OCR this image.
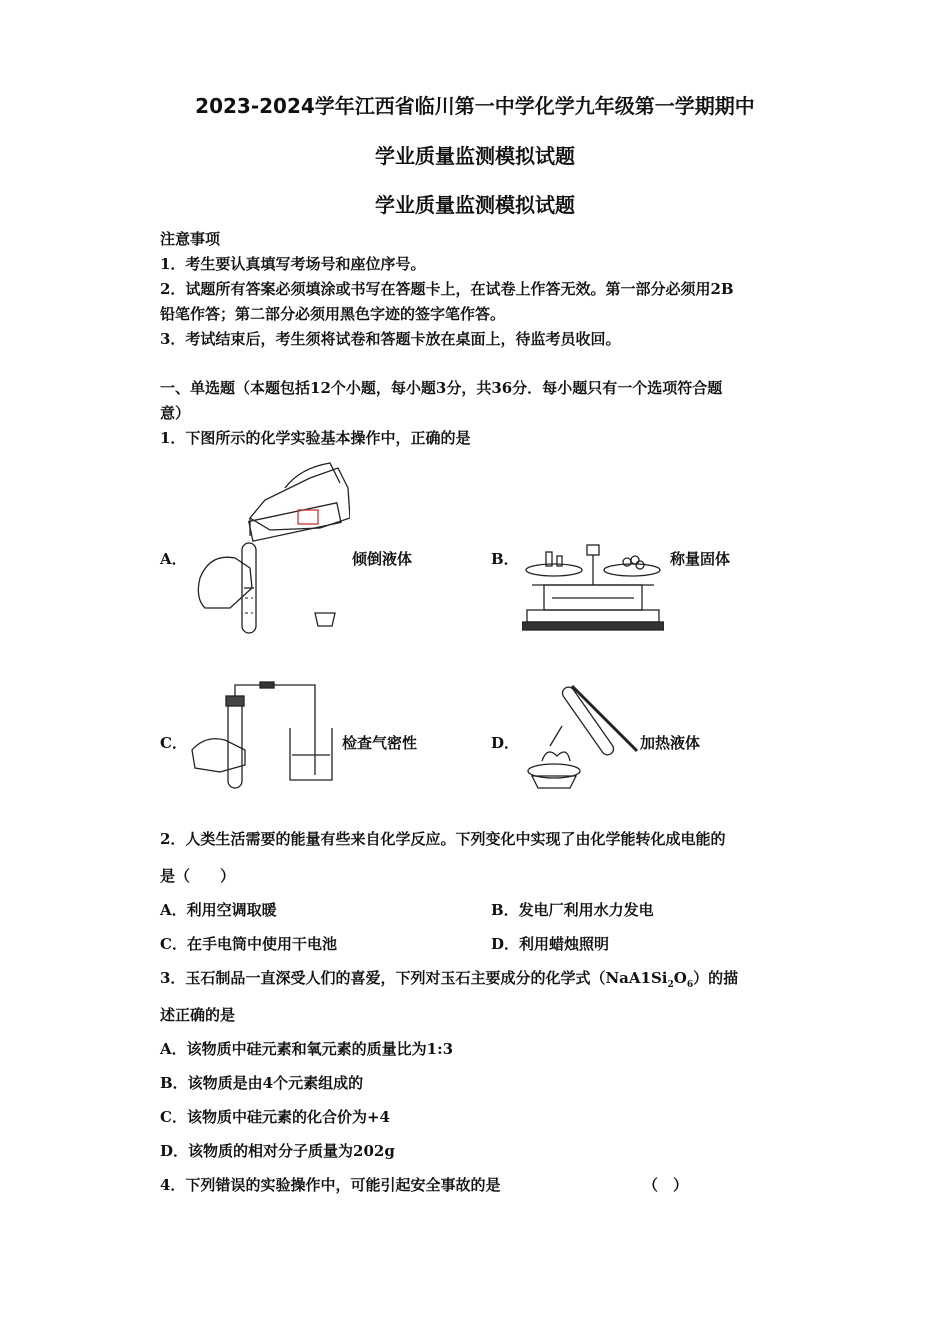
2023-2024学年江西省临川第一中学化学九年级第一学期期中
学业质量监测模拟试题
学业质量监测模拟试题
注意事项
1．考生要认真填写考场号和座位序号。
2．试题所有答案必须填涂或书写在答题卡上，在试卷上作答无效。第一部分必须用2B
铅笔作答；第二部分必须用黑色字迹的签字笔作答。
3．考试结束后，考生须将试卷和答题卡放在桌面上，待监考员收回。
一、单选题（本题包括12个小题，每小题3分，共36分．每小题只有一个选项符合题
意）
1．下图所示的化学实验基本操作中，正确的是
A．	倾倒液体	B．	称量固体
C．	检查气密性	D．	加热液体
2．人类生活需要的能量有些来自化学反应。下列变化中实现了由化学能转化成电能的
是（　　）
A．利用空调取暖	B．发电厂利用水力发电
C．在手电筒中使用干电池	D．利用蜡烛照明
3．玉石制品一直深受人们的喜爱，下列对玉石主要成分的化学式$(NaA1Si_2O_6)$的描
述正确的是
A．该物质中硅元素和氧元素的质量比为1:3
B．该物质是由4个元素组成的
C．该物质中硅元素的化合价为+4
D．该物质的相对分子质量为202g
4．下列错误的实验操作中，可能引起安全事故的是	（　）
